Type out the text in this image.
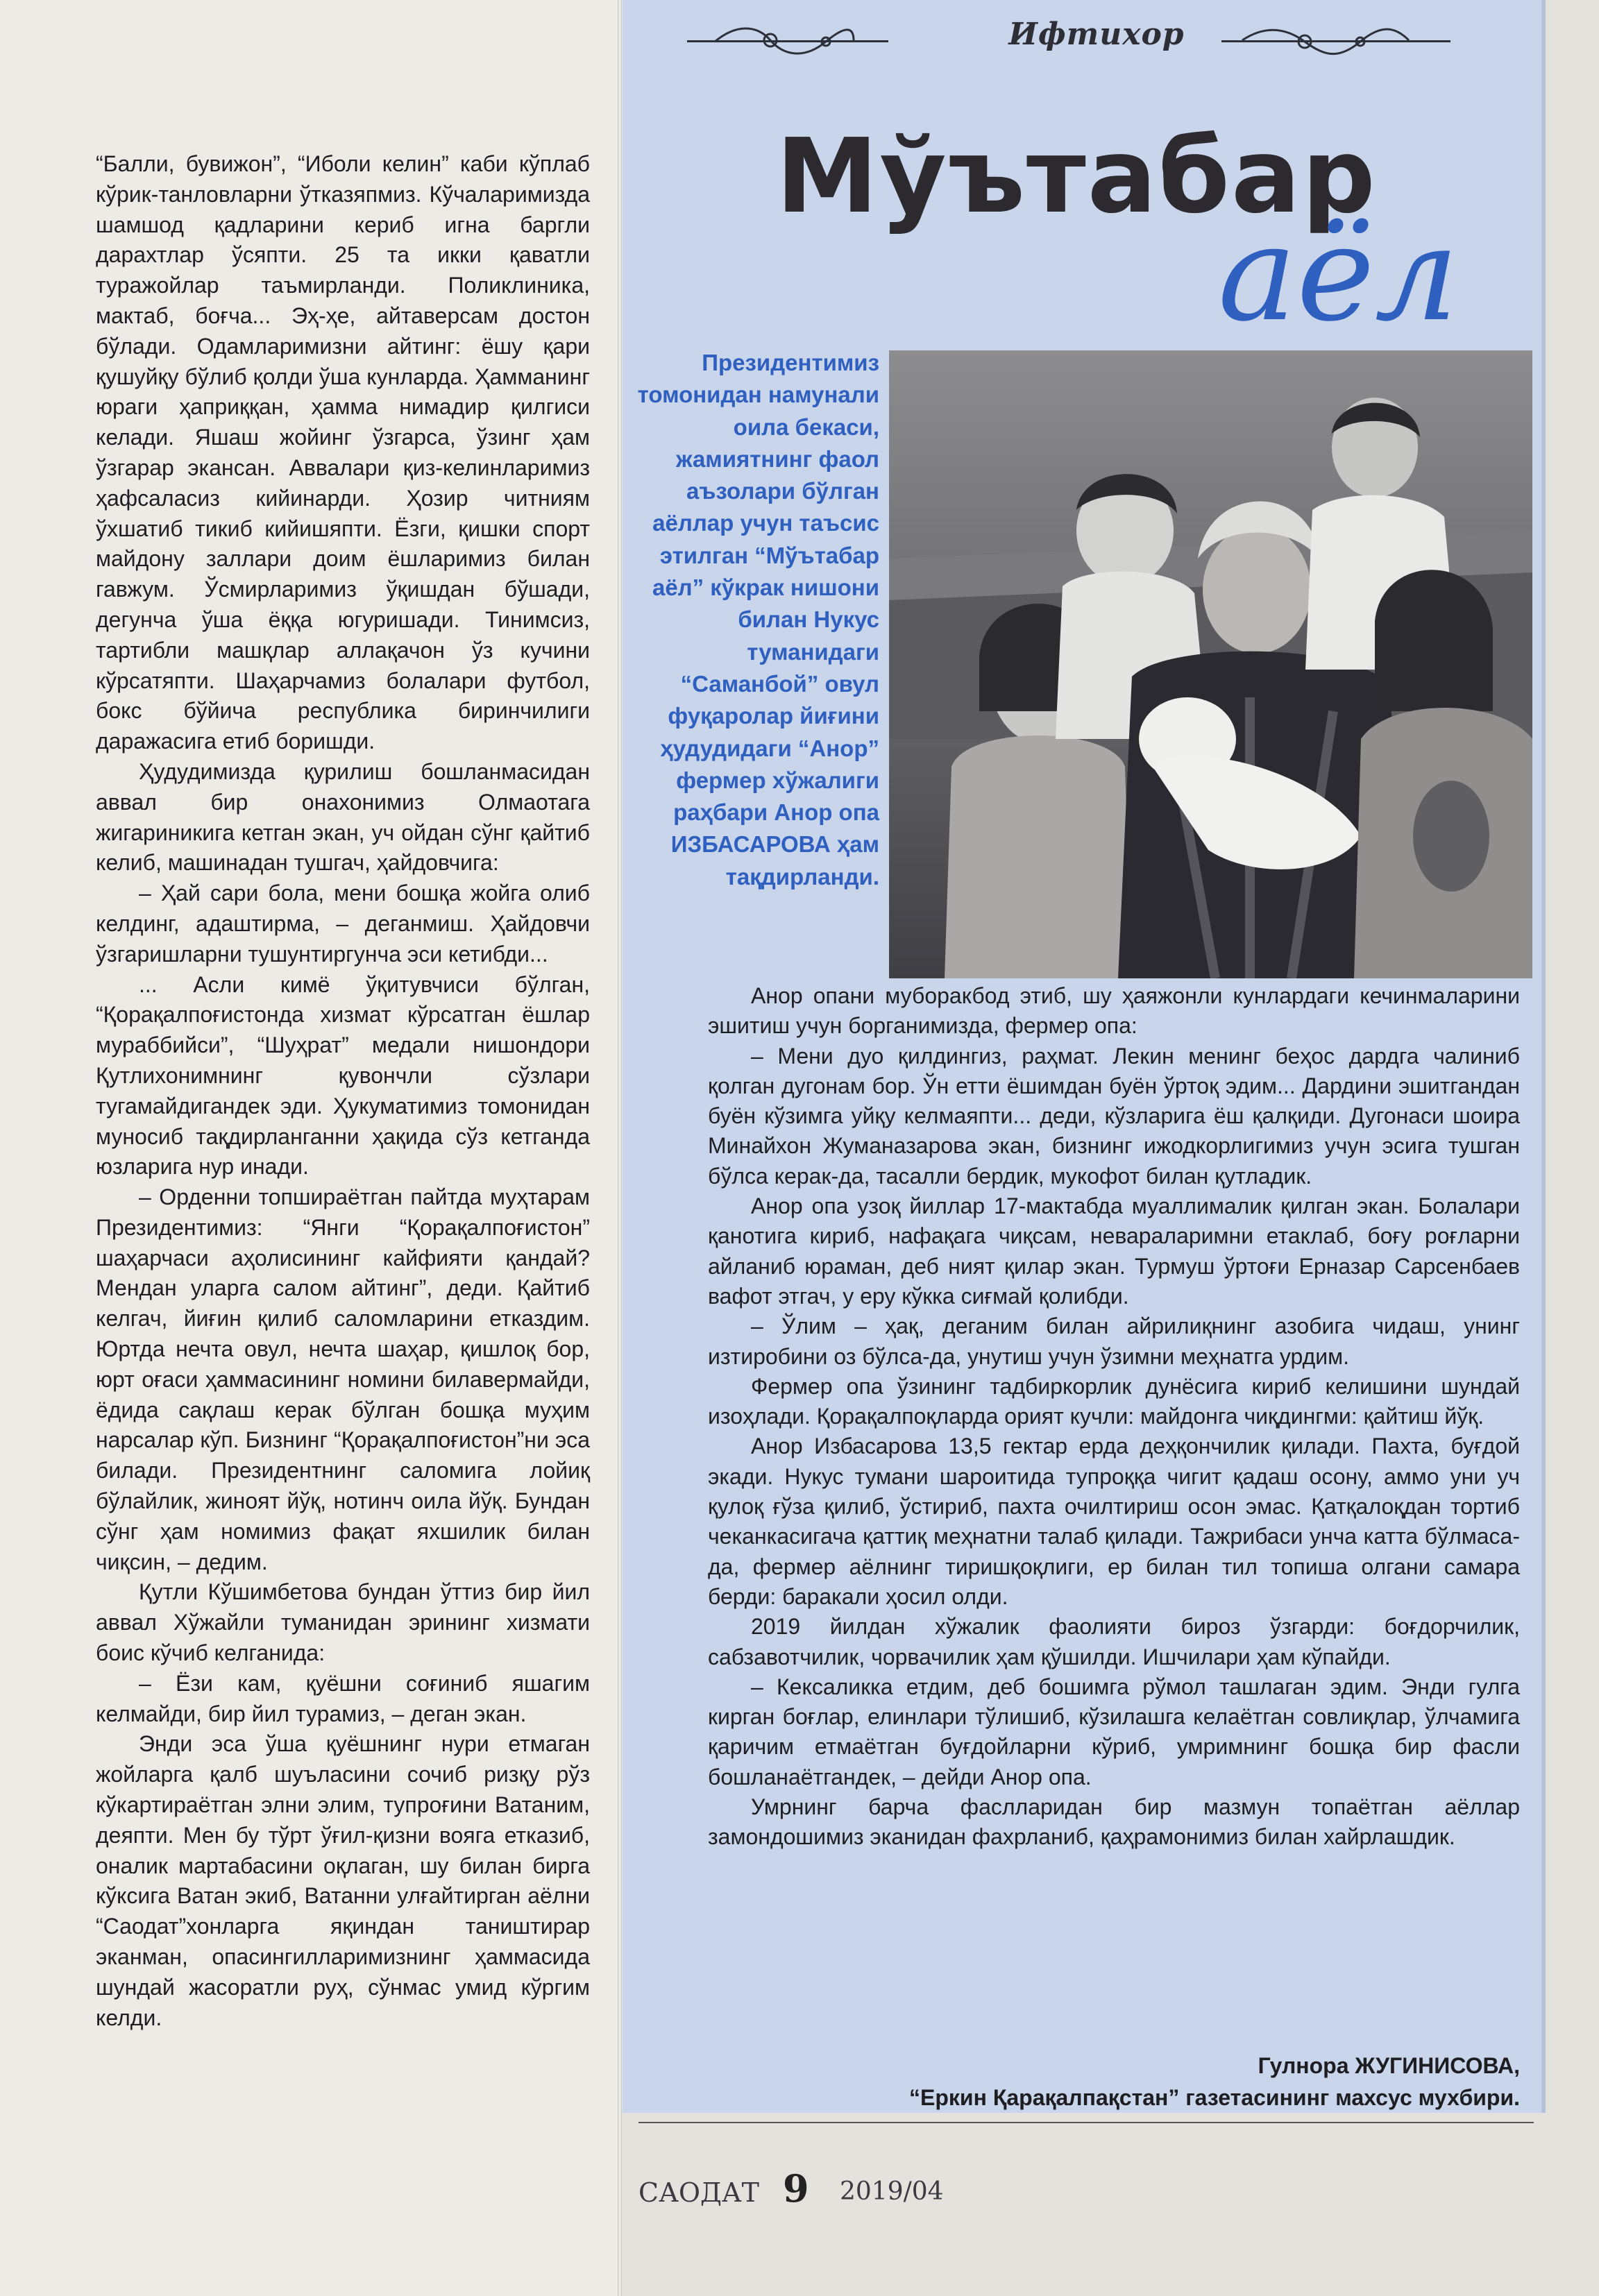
Ифтихор
Мўътабар
аёл

“Балли, бувижон”, “Иболи келин” каби кўплаб кўрик-танловларни ўтказяпмиз. Кўчаларимизда шамшод қадларини кериб игна баргли дарахтлар ўсяпти. 25 та икки қаватли туражойлар таъмирланди. Поликлиника, мактаб, боғча... Эҳ-ҳе, айтаверсам достон бўлади. Одамларимизни айтинг: ёшу қари қушуйқу бўлиб қолди ўша кунларда. Ҳамманинг юраги ҳаприққан, ҳамма нимадир қилгиси келади. Яшаш жойинг ўзгарса, ўзинг ҳам ўзгарар экансан. Аввалари қиз-келинларимиз ҳафсаласиз кийинарди. Ҳозир читниям ўхшатиб тикиб кийишяпти. Ёзги, қишки спорт майдону заллари доим ёшларимиз билан гавжум. Ўсмирларимиз ўқишдан бўшади, дегунча ўша ёққа югуришади. Тинимсиз, тартибли машқлар аллақачон ўз кучини кўрсатяпти. Шаҳарчамиз болалари футбол, бокс бўйича республика биринчилиги даражасига етиб боришди.

Ҳудудимизда қурилиш бошланмасидан аввал бир онахонимиз Олмаотага жигариникига кетган экан, уч ойдан сўнг қайтиб келиб, машинадан тушгач, ҳайдовчига:

– Ҳай сари бола, мени бошқа жойга олиб келдинг, адаштирма, – деганмиш. Ҳайдовчи ўзгаришларни тушунтиргунча эси кетибди...

... Асли кимё ўқитувчиси бўлган, “Қорақалпоғистонда хизмат кўрсатган ёшлар мураббийси”, “Шуҳрат” медали нишондори Қутлихонимнинг қувончли сўзлари тугамайдигандек эди. Ҳукуматимиз томонидан муносиб тақдирланганни ҳақида сўз кетганда юзларига нур инади.

– Орденни топшираётган пайтда муҳтарам Президентимиз: “Янги “Қорақалпоғистон” шаҳарчаси аҳолисининг кайфияти қандай? Мендан уларга салом айтинг”, деди. Қайтиб келгач, йиғин қилиб саломларини етказдим. Юртда нечта овул, нечта шаҳар, қишлоқ бор, юрт оғаси ҳаммасининг номини билавермайди, ёдида сақлаш керак бўлган бошқа муҳим нарсалар кўп. Бизнинг “Қорақалпоғистон”ни эса билади. Президентнинг саломига лойиқ бўлайлик, жиноят йўқ, нотинч оила йўқ. Бундан сўнг ҳам номимиз фақат яхшилик билан чиқсин, – дедим.

Қутли Кўшимбетова бундан ўттиз бир йил аввал Хўжайли туманидан эрининг хизмати боис кўчиб келганида:

– Ёзи кам, қуёшни соғиниб яшагим келмайди, бир йил турамиз, – деган экан.

Энди эса ўша қуёшнинг нури етмаган жойларга қалб шуъласини сочиб ризқу рўз кўкартираётган элни элим, тупроғини Ватаним, деяпти. Мен бу тўрт ўғил-қизни вояга етказиб, оналик мартабасини оқлаган, шу билан бирга кўксига Ватан экиб, Ватанни улғайтирган аёлни “Саодат”хонларга яқиндан таништирар эканман, опасингилларимизнинг ҳаммасида шундай жасоратли руҳ, сўнмас умид кўргим келди.

Президентимиз томонидан намунали оила бекаси, жамиятнинг фаол аъзолари бўлган аёллар учун таъсис этилган “Мўътабар аёл” кўкрак нишони билан Нукус туманидаги “Саманбой” овул фуқаролар йиғини ҳудудидаги “Анор” фермер хўжалиги раҳбари Анор опа ИЗБАСАРОВА ҳам тақдирланди.

Анор опани муборакбод этиб, шу ҳаяжонли кунлардаги кечинмаларини эшитиш учун борганимизда, фермер опа:

– Мени дуо қилдингиз, раҳмат. Лекин менинг беҳос дардга чалиниб қолган дугонам бор. Ўн етти ёшимдан буён ўртоқ эдим... Дардини эшитгандан буён кўзимга уйқу келмаяпти... деди, кўзларига ёш қалқиди. Дугонаси шоира Минайхон Жуманазарова экан, бизнинг ижодкорлигимиз учун эсига тушган бўлса керак-да, тасалли бердик, мукофот билан қутладик.

Анор опа узоқ йиллар 17-мактабда муаллималик қилган экан. Болалари қанотига кириб, нафақага чиқсам, невараларимни етаклаб, боғу роғларни айланиб юраман, деб ният қилар экан. Турмуш ўртоғи Ерназар Сарсенбаев вафот этгач, у еру кўкка сиғмай қолибди.

– Ўлим – ҳақ, деганим билан айрилиқнинг азобига чидаш, унинг изтиробини оз бўлса-да, унутиш учун ўзимни меҳнатга урдим.

Фермер опа ўзининг тадбиркорлик дунёсига кириб келишини шундай изоҳлади. Қорақалпоқларда орият кучли: майдонга чиқдингми: қайтиш йўқ.

Анор Избасарова 13,5 гектар ерда деҳқончилик қилади. Пахта, буғдой экади. Нукус тумани шароитида тупроққа чигит қадаш осону, аммо уни уч қулоқ ғўза қилиб, ўстириб, пахта очилтириш осон эмас. Қатқалоқдан тортиб чеканкасигача қаттиқ меҳнатни талаб қилади. Тажрибаси унча катта бўлмаса-да, фермер аёлнинг тиришқоқлиги, ер билан тил топиша олгани самара берди: баракали ҳосил олди.

2019 йилдан хўжалик фаолияти бироз ўзгарди: боғдорчилик, сабзавотчилик, чорвачилик ҳам қўшилди. Ишчилари ҳам кўпайди.

– Кексаликка етдим, деб бошимга рўмол ташлаган эдим. Энди гулга кирган боғлар, елинлари тўлишиб, кўзилашга келаётган совлиқлар, ўлчамига қаричим етмаётган буғдойларни кўриб, умримнинг бошқа бир фасли бошланаётгандек, – дейди Анор опа.

Умрнинг барча фаслларидан бир мазмун топаётган аёллар замондошимиз эканидан фахрланиб, қаҳрамонимиз билан хайрлашдик.

Гулнора ЖУГИНИСОВА,
“Еркин Қарақалпақстан” газетасининг махсус мухбири.
САОДАТ 9 2019/04
